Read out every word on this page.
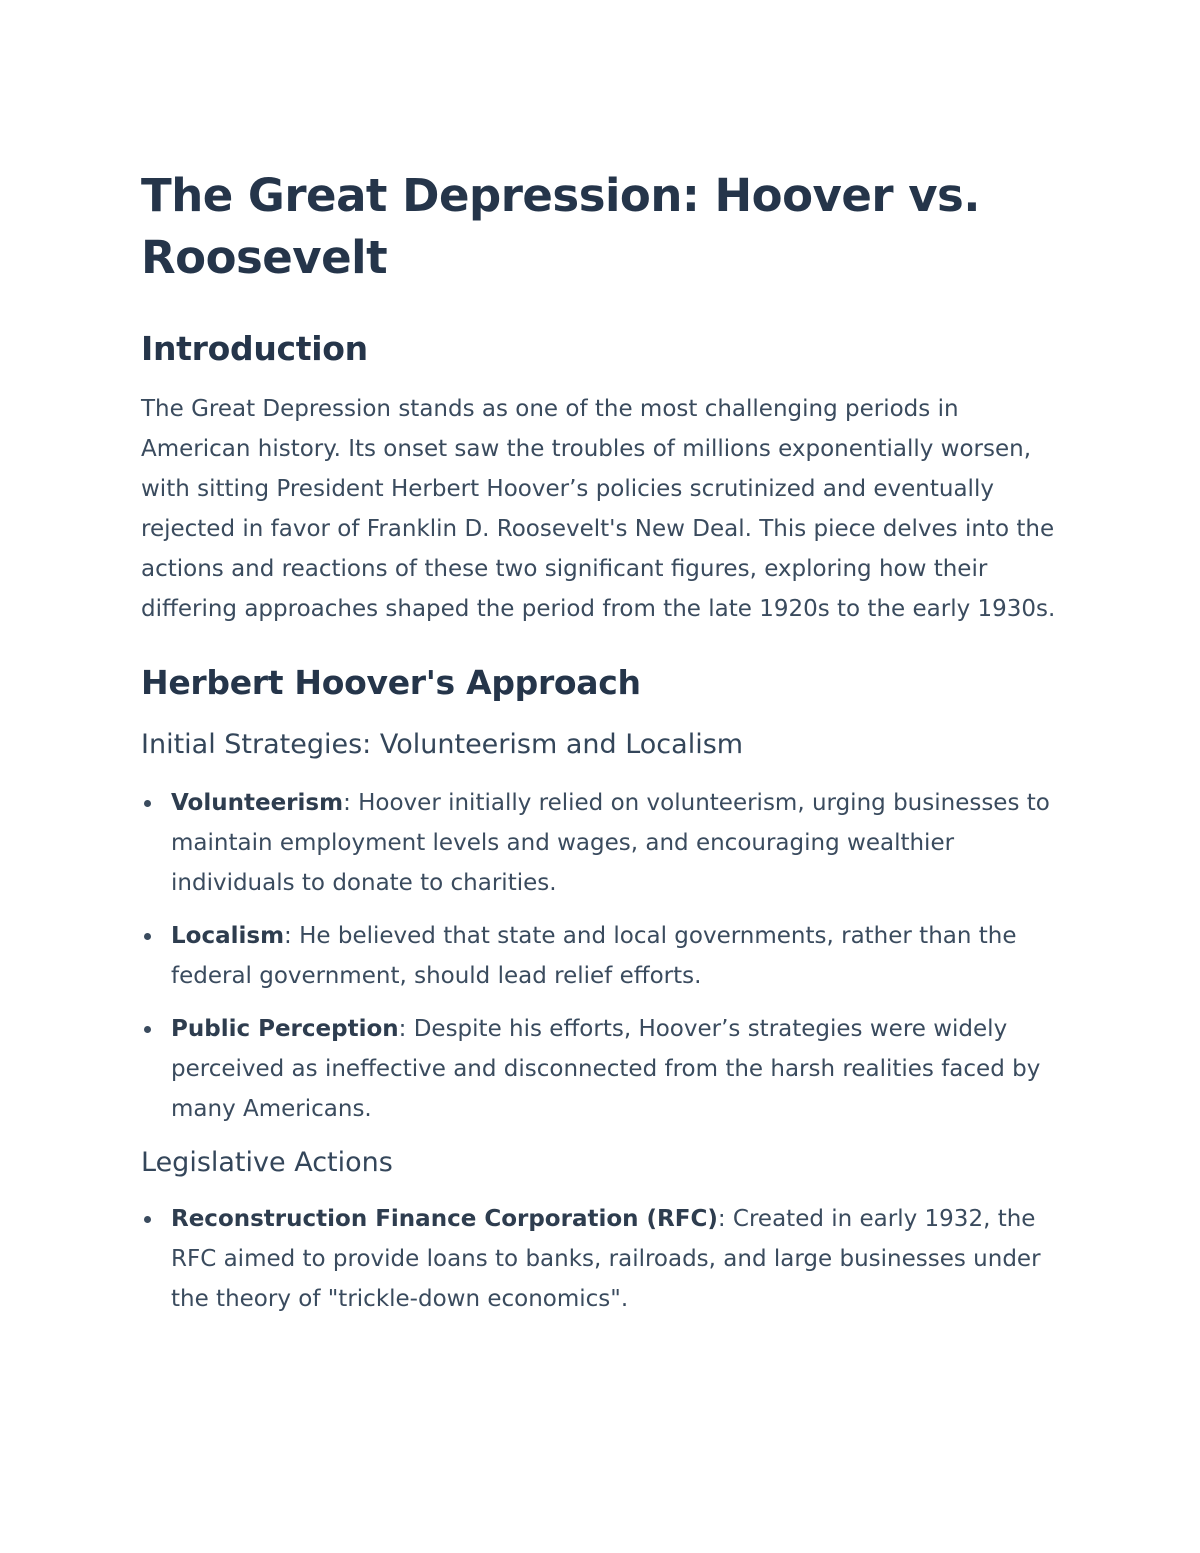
The Great Depression: Hoover vs. Roosevelt
Introduction

The Great Depression stands as one of the most challenging periods in American history. Its onset saw the troubles of millions exponentially worsen, with sitting President Herbert Hoover’s policies scrutinized and eventually rejected in favor of Franklin D. Roosevelt's New Deal. This piece delves into the actions and reactions of these two significant figures, exploring how their differing approaches shaped the period from the late 1920s to the early 1930s.

Herbert Hoover's Approach
Initial Strategies: Volunteerism and Localism
Volunteerism: Hoover initially relied on volunteerism, urging businesses to maintain employment levels and wages, and encouraging wealthier individuals to donate to charities.
Localism: He believed that state and local governments, rather than the federal government, should lead relief efforts.
Public Perception: Despite his efforts, Hoover’s strategies were widely perceived as ineffective and disconnected from the harsh realities faced by many Americans.
Legislative Actions
Reconstruction Finance Corporation (RFC): Created in early 1932, the RFC aimed to provide loans to banks, railroads, and large businesses under the theory of "trickle-down economics".
